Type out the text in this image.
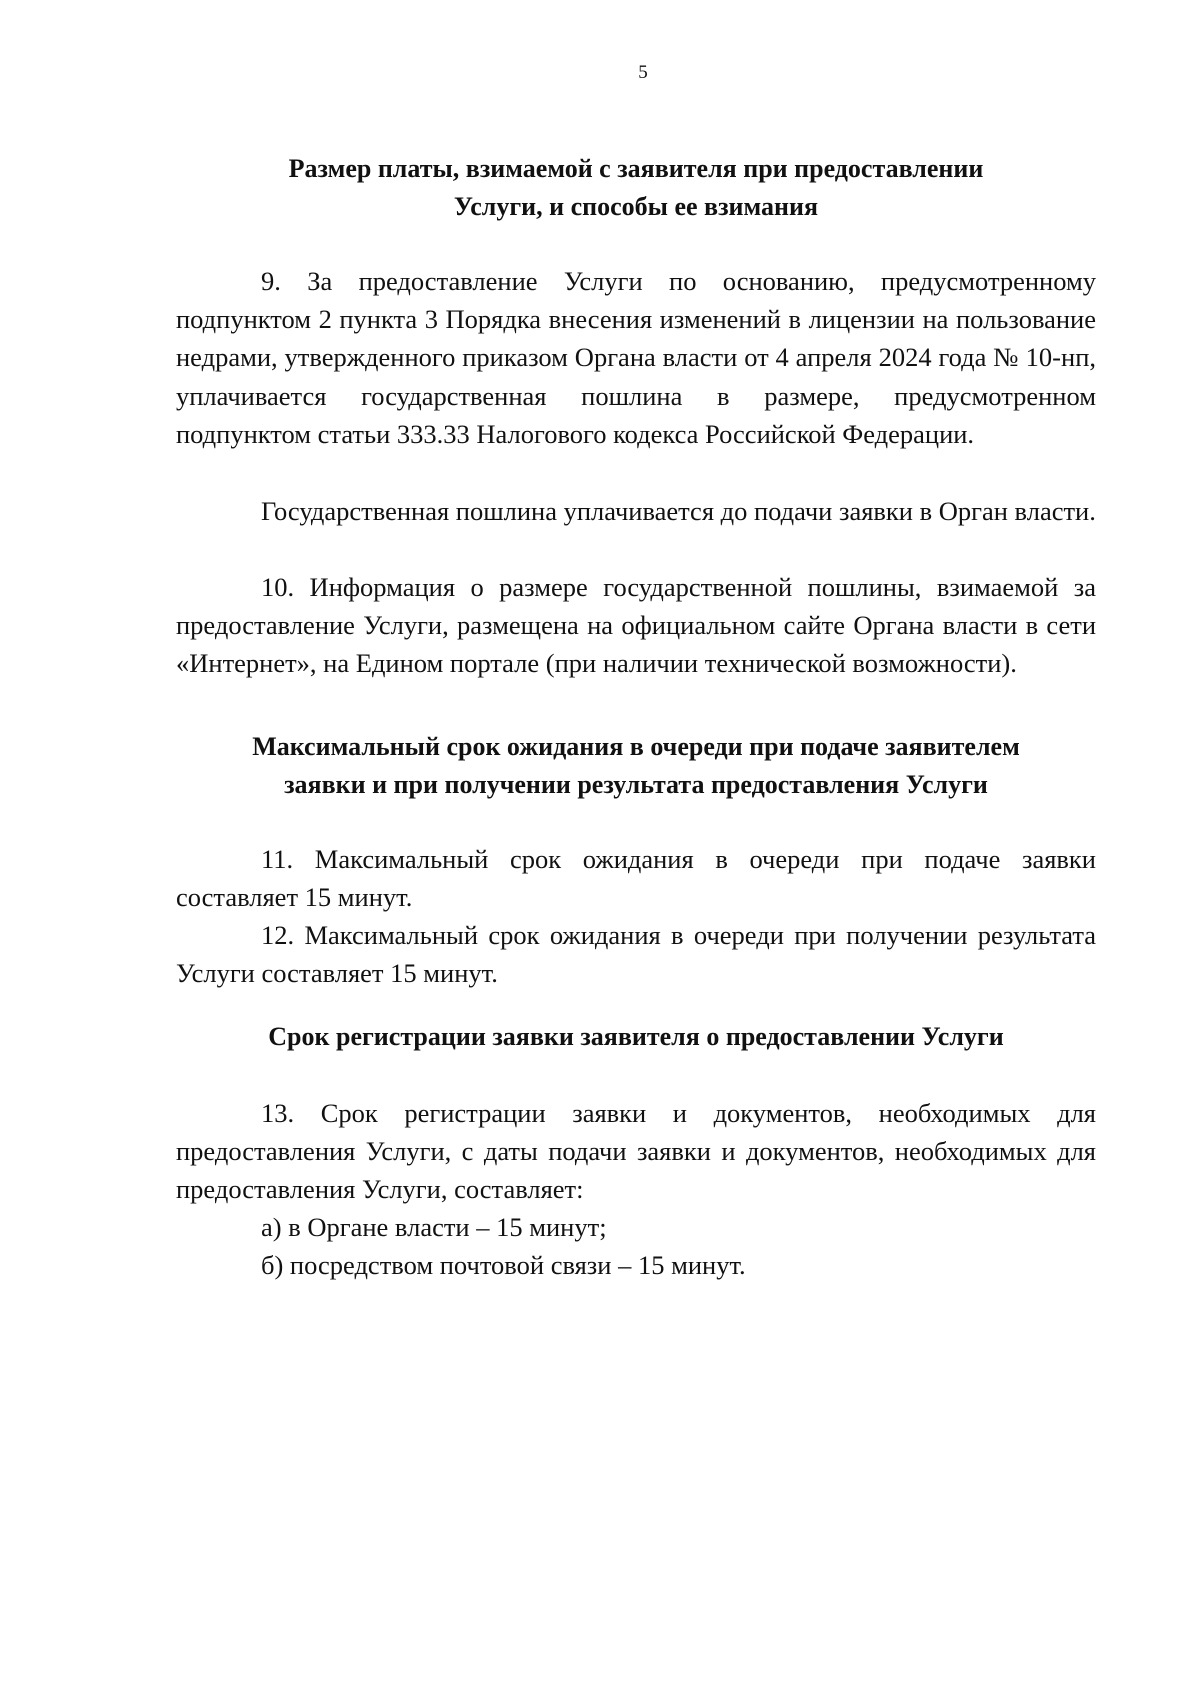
5
Размер платы, взимаемой с заявителя при предоставлении
Услуги, и способы ее взимания
9. За предоставление Услуги по основанию, предусмотренному подпунктом 2 пункта 3 Порядка внесения изменений в лицензии на пользование недрами, утвержденного приказом Органа власти от 4 апреля 2024 года № 10-нп, уплачивается государственная пошлина в размере, предусмотренном подпунктом статьи 333.33 Налогового кодекса Российской Федерации.
Государственная пошлина уплачивается до подачи заявки в Орган власти.
10. Информация о размере государственной пошлины, взимаемой за предоставление Услуги, размещена на официальном сайте Органа власти в сети «Интернет», на Едином портале (при наличии технической возможности).
Максимальный срок ожидания в очереди при подаче заявителем
заявки и при получении результата предоставления Услуги
11. Максимальный срок ожидания в очереди при подаче заявки составляет 15 минут.
12. Максимальный срок ожидания в очереди при получении результата Услуги составляет 15 минут.
Срок регистрации заявки заявителя о предоставлении Услуги
13. Срок регистрации заявки и документов, необходимых для предоставления Услуги, с даты подачи заявки и документов, необходимых для предоставления Услуги, составляет:
а) в Органе власти – 15 минут;
б) посредством почтовой связи – 15 минут.
